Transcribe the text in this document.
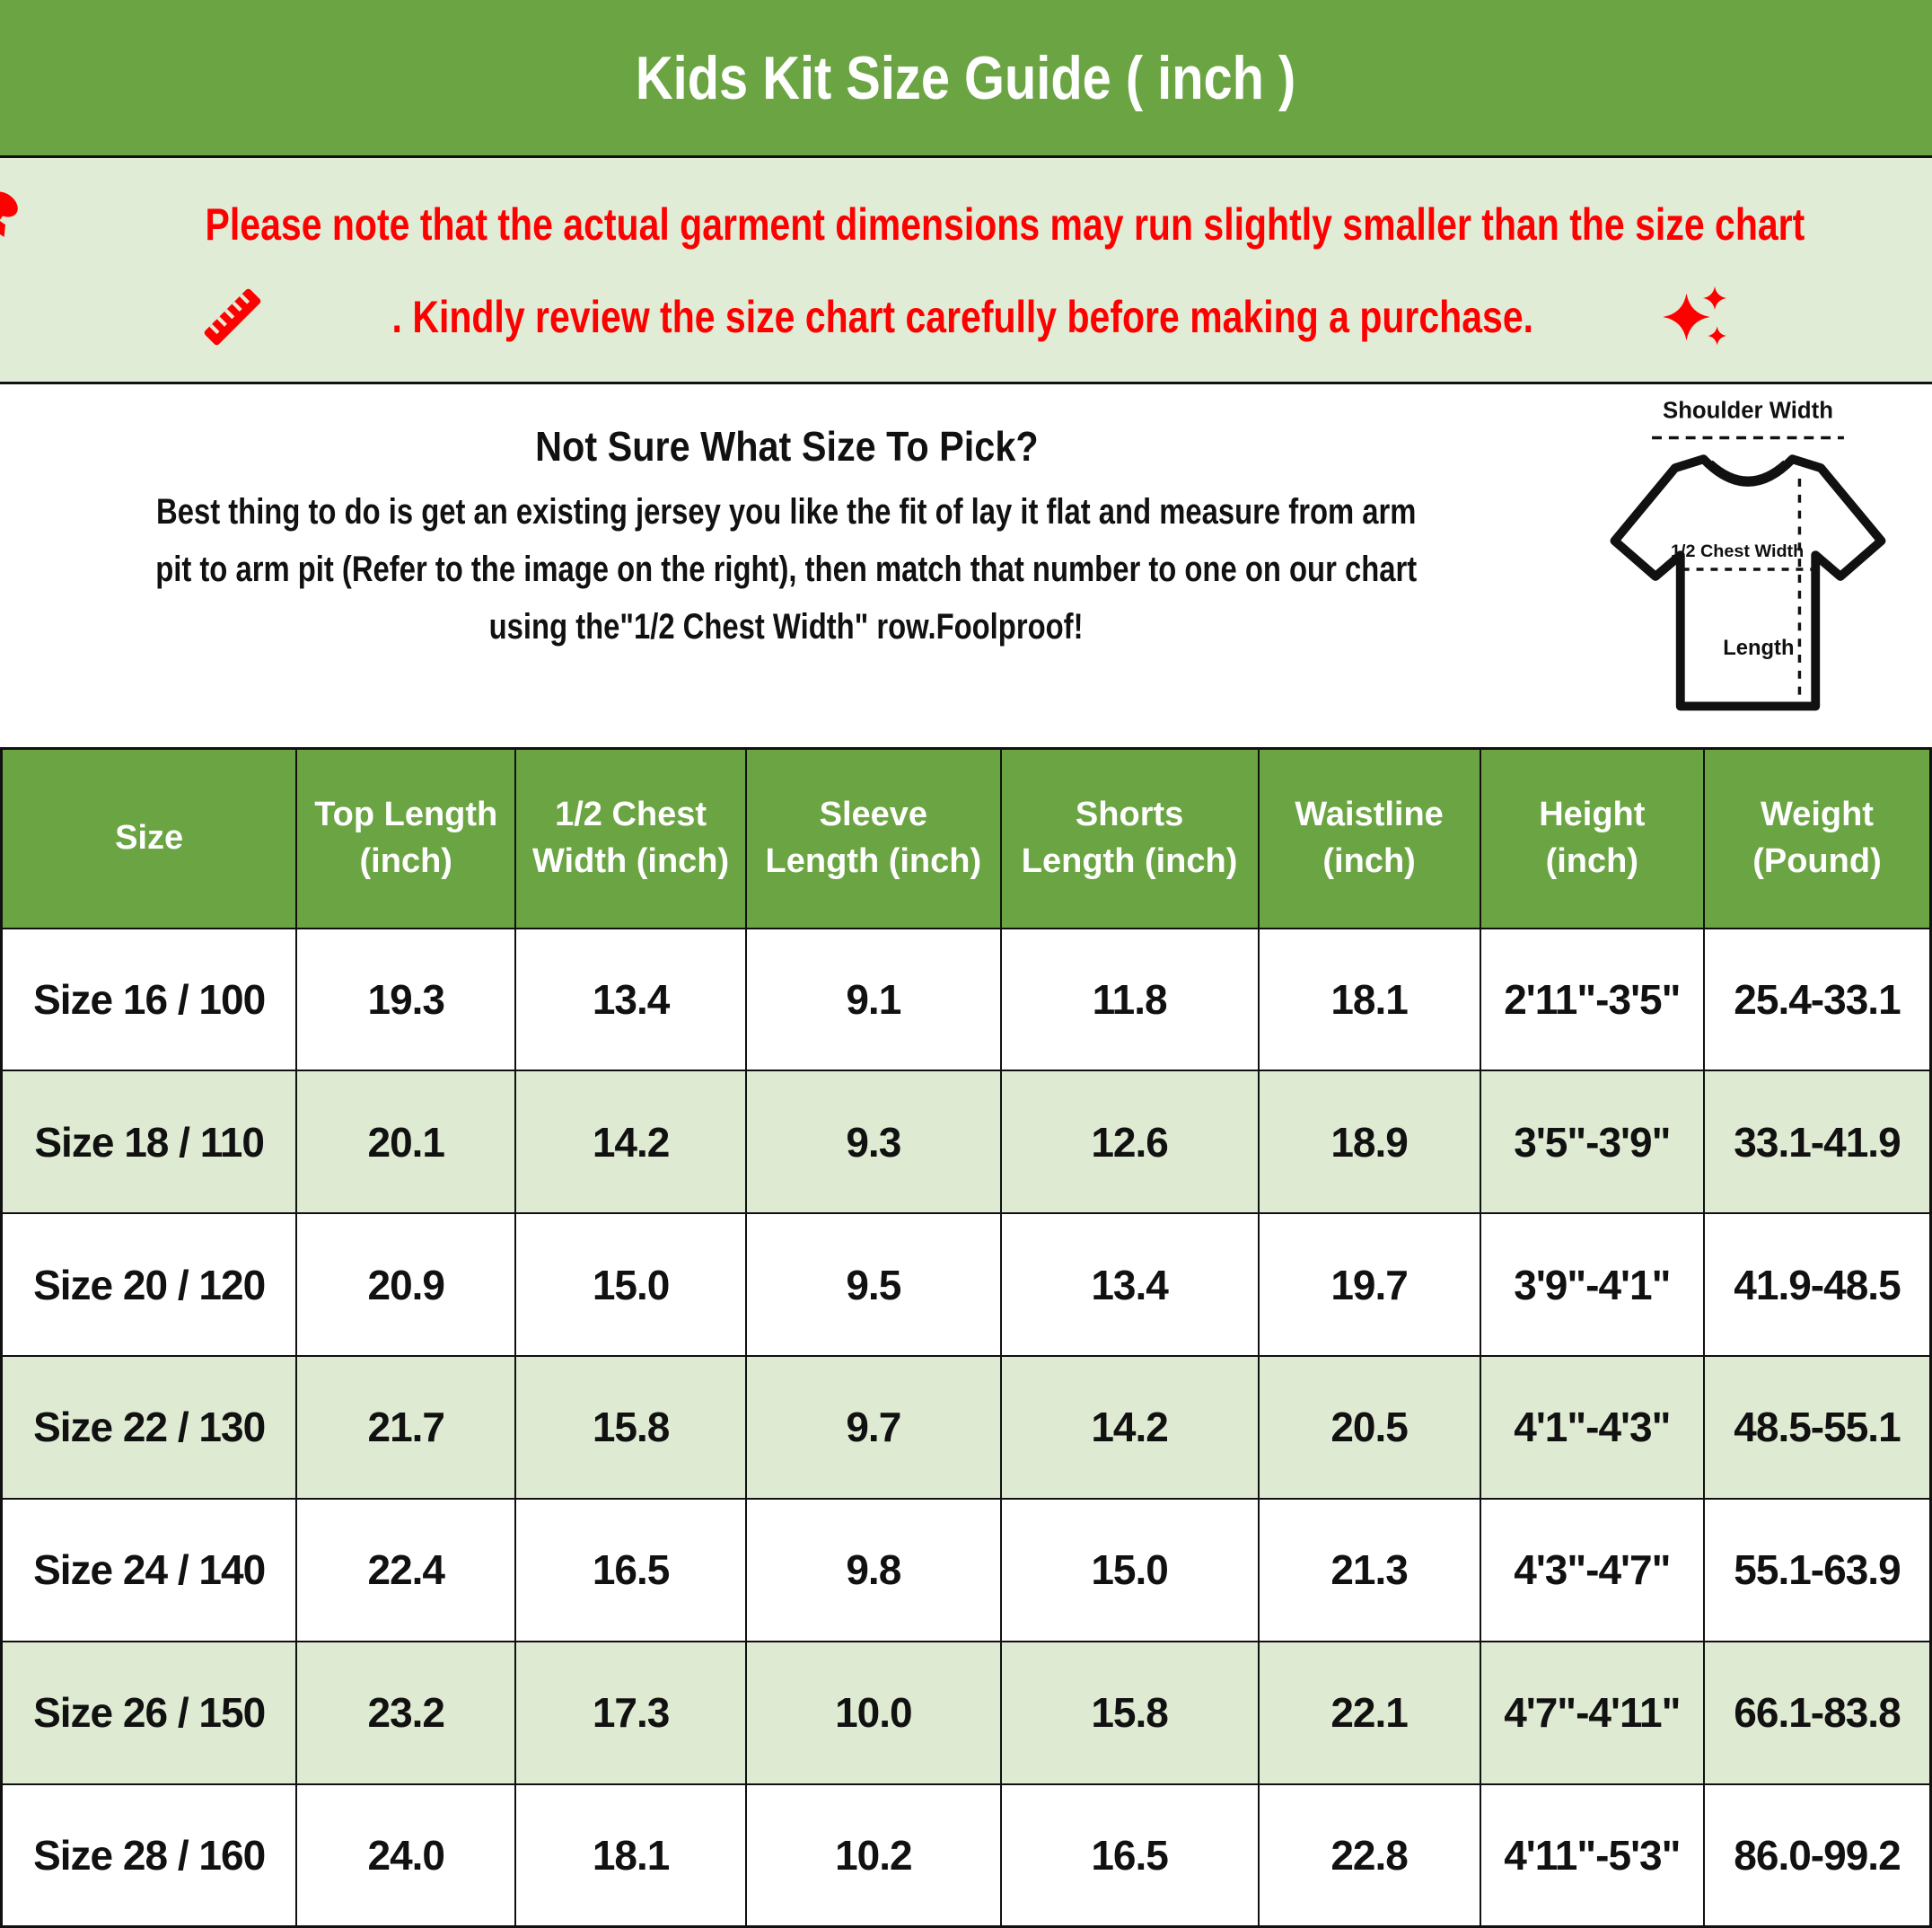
Kids Kit Size Guide ( inch )
Please note that the actual garment dimensions may run slightly smaller than the size chart
. Kindly review the size chart carefully before making a purchase.
Not Sure What Size To Pick?

Best thing to do is get an existing jersey you like the fit of lay it flat and measure from arm

pit to arm pit (Refer to the image on the right), then match that number to one on our chart

using the"1/2 Chest Width" row.Foolproof!

Shoulder Width
1/2 Chest Width
Length
Size

Top Length
(inch)

1/2 Chest
Width (inch)

Sleeve
Length (inch)

Shorts
Length (inch)

Waistline
(inch)

Height
(inch)

Weight
(Pound)

Size 16 / 100	19.3	13.4	9.1	11.8	18.1	2'11"-3'5"	25.4-33.1
Size 18 / 110	20.1	14.2	9.3	12.6	18.9	3'5"-3'9"	33.1-41.9
Size 20 / 120	20.9	15.0	9.5	13.4	19.7	3'9"-4'1"	41.9-48.5
Size 22 / 130	21.7	15.8	9.7	14.2	20.5	4'1"-4'3"	48.5-55.1
Size 24 / 140	22.4	16.5	9.8	15.0	21.3	4'3"-4'7"	55.1-63.9
Size 26 / 150	23.2	17.3	10.0	15.8	22.1	4'7"-4'11"	66.1-83.8
Size 28 / 160	24.0	18.1	10.2	16.5	22.8	4'11"-5'3"	86.0-99.2
